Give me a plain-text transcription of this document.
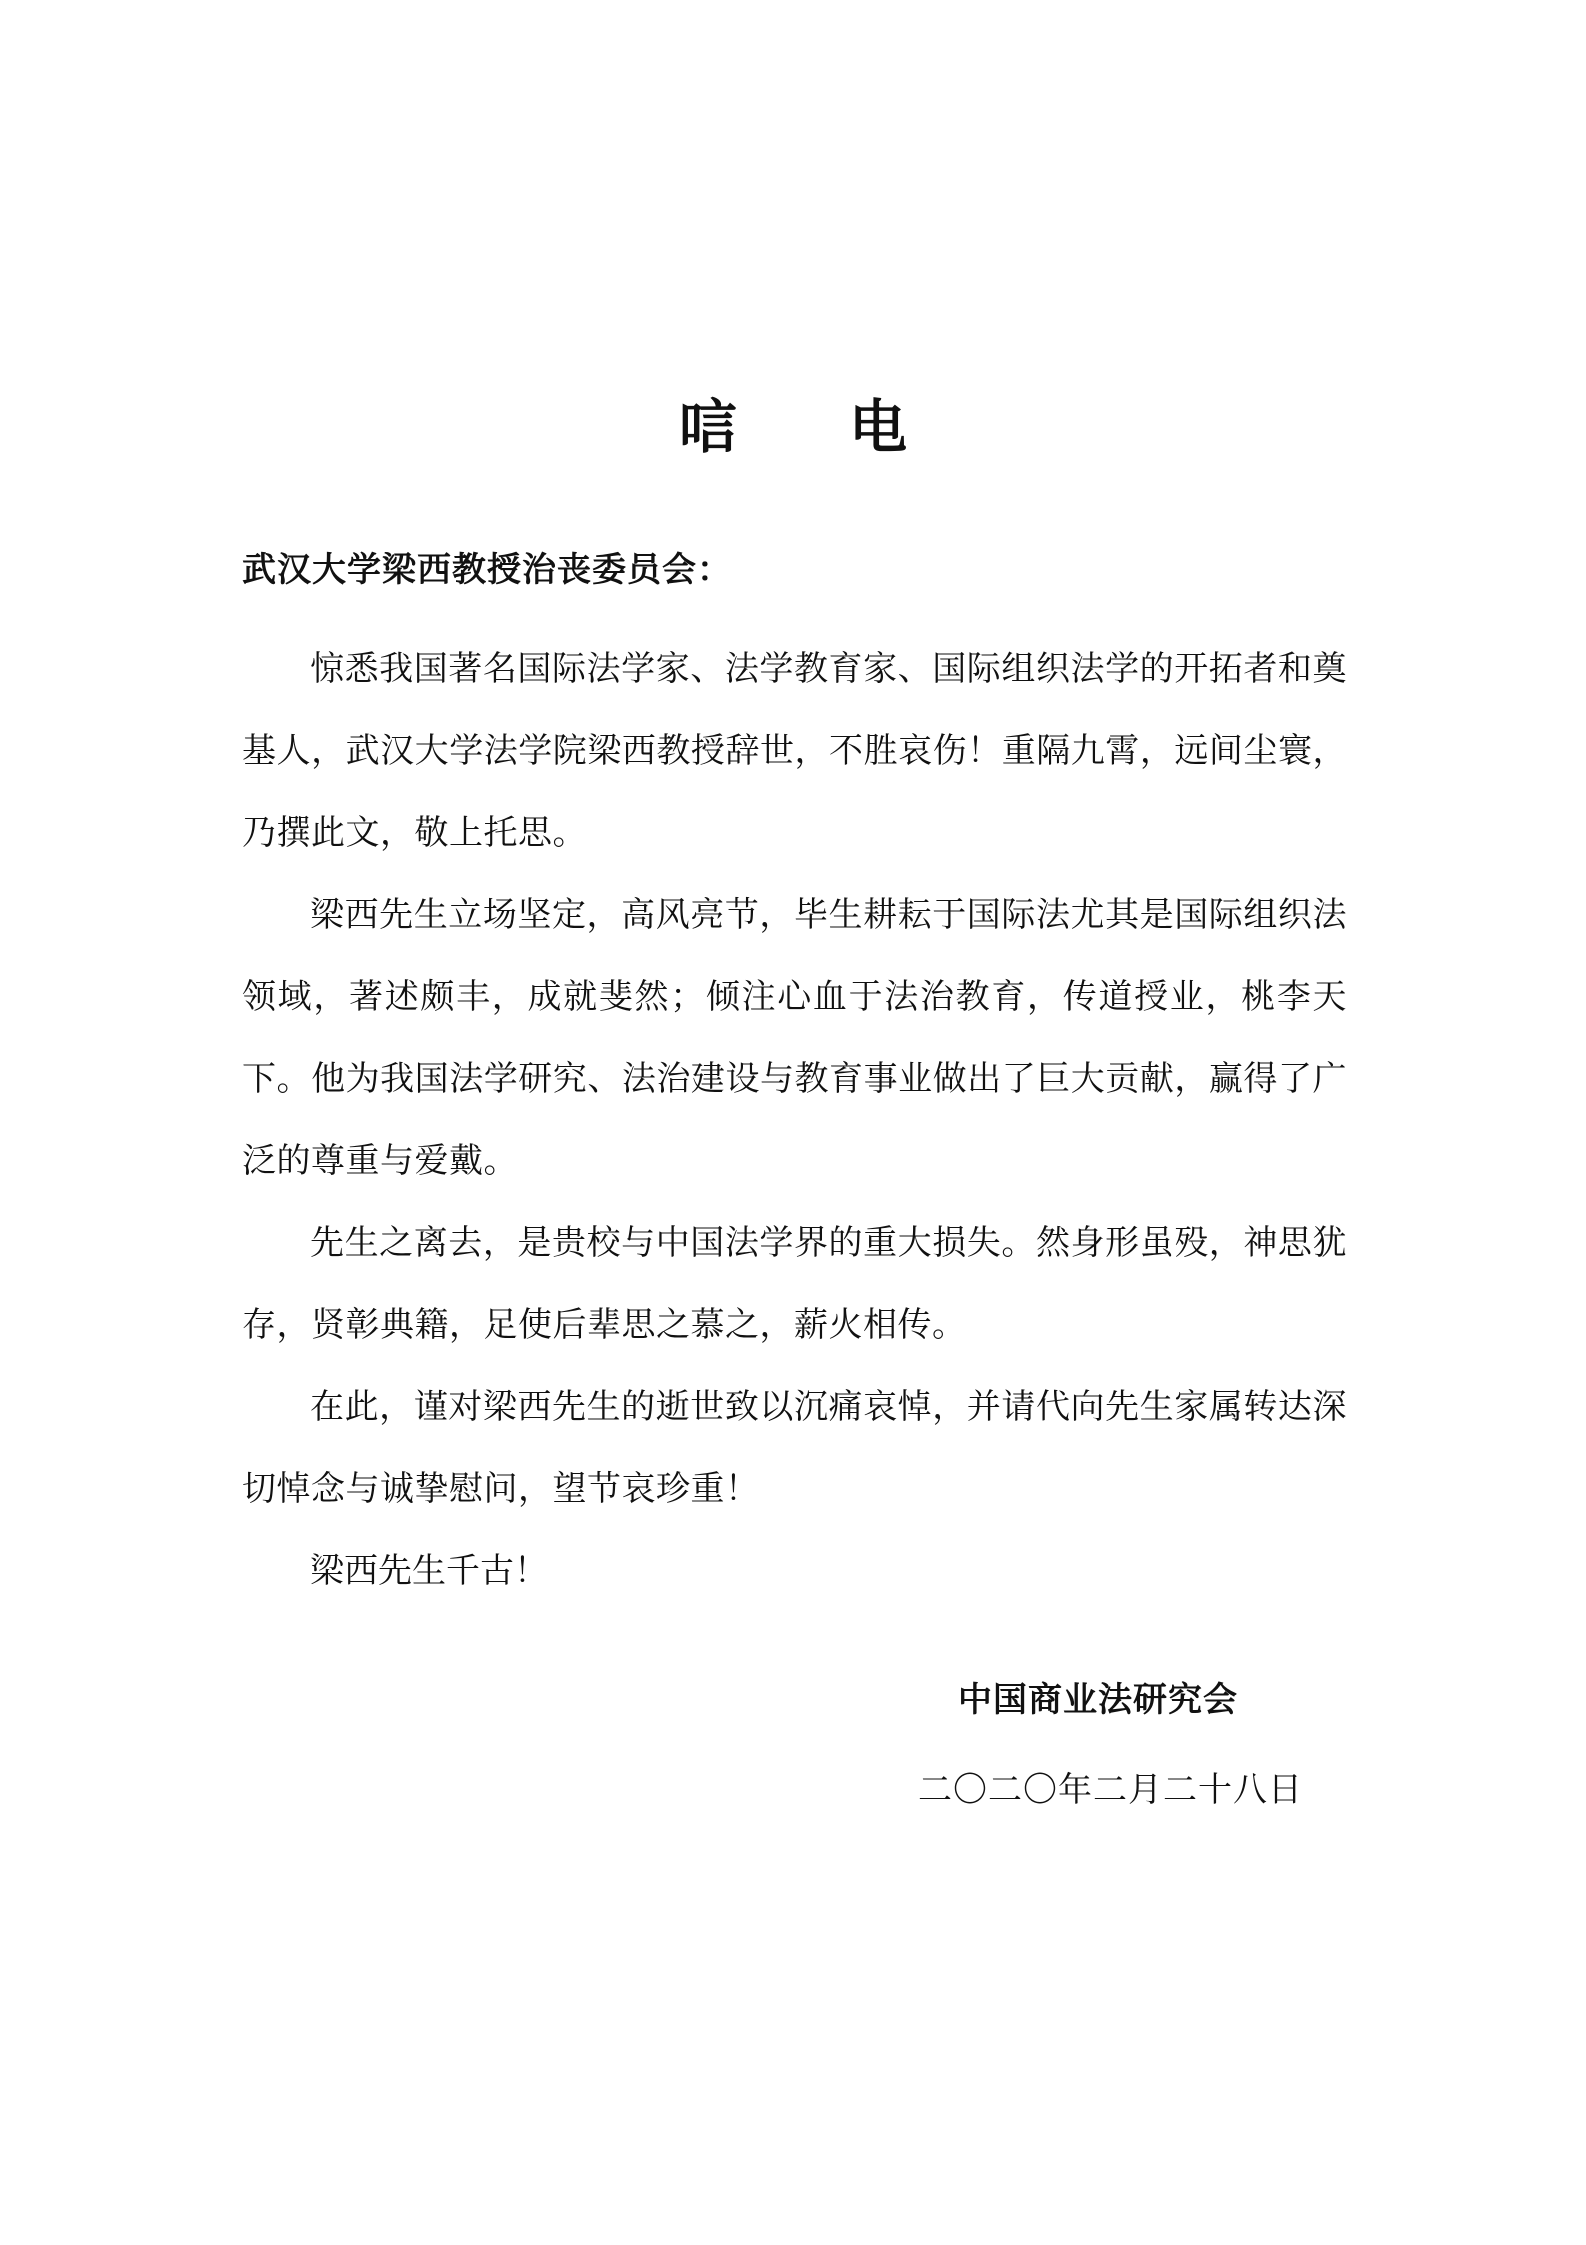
唁电
武汉大学梁西教授治丧委员会：

惊悉我国著名国际法学家、法学教育家、国际组织法学的开拓者和奠基人，武汉大学法学院梁西教授辞世，不胜哀伤！重隔九霄，远间尘寰，乃撰此文，敬上托思。

梁西先生立场坚定，高风亮节，毕生耕耘于国际法尤其是国际组织法领域，著述颇丰，成就斐然；倾注心血于法治教育，传道授业，桃李天下。他为我国法学研究、法治建设与教育事业做出了巨大贡献，赢得了广泛的尊重与爱戴。

先生之离去，是贵校与中国法学界的重大损失。然身形虽殁，神思犹存，贤彰典籍，足使后辈思之慕之，薪火相传。

在此，谨对梁西先生的逝世致以沉痛哀悼，并请代向先生家属转达深切悼念与诚挚慰问，望节哀珍重！

梁西先生千古！

中国商业法研究会
二〇二〇年二月二十八日
